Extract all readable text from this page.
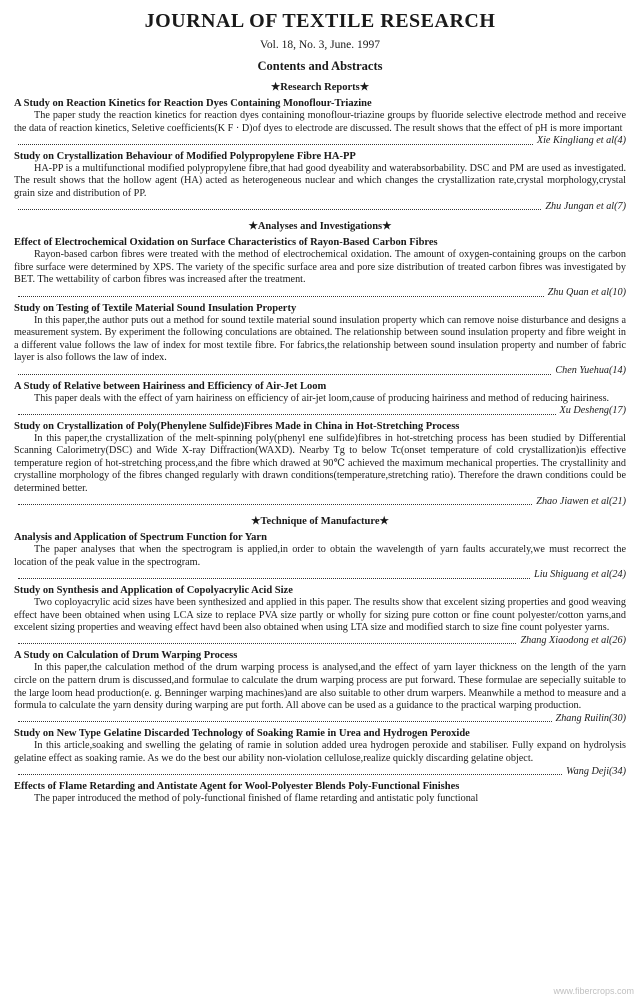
JOURNAL OF TEXTILE RESEARCH
Vol. 18, No. 3, June. 1997
Contents and Abstracts
★Research Reports★
A Study on Reaction Kinetics for Reaction Dyes Containing Monoflour-Triazine
The paper study the reaction kinetics for reaction dyes containing monoflour-triazine groups by fluoride selective electrode method and receive the data of reaction kinetics, Seletive coefficients(K F · D)of dyes to electrode are discussed. The result shows that the effect of pH is more important
Xie Kingliang et al(4)
Study on Crystallization Behaviour of Modified Polypropylene Fibre HA-PP
HA-PP is a multifunctional modified polypropylene fibre,that had good dyeability and waterabsorbability. DSC and PM are used as investigated. The result shows that the hollow agent (HA) acted as heterogeneous nuclear and which changes the crystallization rate,crystal morphology,crystal grain size and distribution of PP.
Zhu Jungan et al(7)
★Analyses and Investigations★
Effect of Electrochemical Oxidation on Surface Characteristics of Rayon-Based Carbon Fibres
Rayon-based carbon fibres were treated with the method of electrochemical oxidation. The amount of oxygen-containing groups on the carbon fibre surface were determined by XPS. The variety of the specific surface area and pore size distribution of treated carbon fibres was investigated by BET. The wettability of carbon fibres was increased after the treatment.
Zhu Quan et al(10)
Study on Testing of Textile Material Sound Insulation Property
In this paper,the author puts out a method for sound textile material sound insulation property which can remove noise disturbance and designs a measurement system. By experiment the following conculations are obtained. The relationship between sound insulation property and fibre weight in a different value follows the law of index for most textile fibre. For fabrics,the relationship between sound insulation property and number of fabric layer is also follows the law of index.
Chen Yuehua(14)
A Study of Relative between Hairiness and Efficiency of Air-Jet Loom
This paper deals with the effect of yarn hairiness on efficiency of air-jet loom,cause of producing hairiness and method of reducing hairiness.
Xu Desheng(17)
Study on Crystallization of Poly(Phenylene Sulfide)Fibres Made in China in Hot-Stretching Process
In this paper,the crystallization of the melt-spinning poly(phenyl ene sulfide)fibres in hot-stretching process has been studied by Differential Scanning Calorimetry(DSC) and Wide X-ray Diffraction(WAXD). Nearby Tg to below Tc(onset temperature of cold crystallization)is effective temperature region of hot-stretching process,and the fibre which drawed at 90℃ achieved the maximum mechanical properties. The crystallinity and crystalline morphology of the fibres changed regularly with drawn conditions(temperature,stretching ratio). Therefore the drawn conditions could be determined better.
Zhao Jiawen et al(21)
★Technique of Manufacture★
Analysis and Application of Spectrum Function for Yarn
The paper analyses that when the spectrogram is applied,in order to obtain the wavelength of yarn faults accurately,we must recorrect the location of the peak value in the spectrogram.
Liu Shiguang et al(24)
Study on Synthesis and Application of Copolyacrylic Acid Size
Two coployacrylic acid sizes have been synthesized and applied in this paper. The results show that excelent sizing properties and good weaving effect have been obtained when using LCA size to replace PVA size partly or wholly for sizing pure cotton or fine count polyester/cotton yarns,and excelent sizing properties and weaving effect havd been also obtained when using LTA size and modified starch to size fine count polyester yarns.
Zhang Xiaodong et al(26)
A Study on Calculation of Drum Warping Process
In this paper,the calculation method of the drum warping process is analysed,and the effect of yarn layer thickness on the length of the yarn circle on the pattern drum is discussed,and formulae to calculate the drum warping process are put forward. These formulae are sepecially suitable to the large loom head production(e. g. Benninger warping machines)and are also suitable to other drum warpers. Meanwhile a method to measure and a formula to calculate the yarn density during warping are put forth. All above can be used as a guidance to the practical warping production.
Zhang Ruilin(30)
Study on New Type Gelatine Discarded Technology of Soaking Ramie in Urea and Hydrogen Peroxide
In this article,soaking and swelling the gelating of ramie in solution added urea hydrogen peroxide and stabiliser. Fully expand on hydrolysis gelatine effect as soaking ramie. As we do the best our ability non-violation cellulose,realize quickly discarding gelatine object.
Wang Deji(34)
Effects of Flame Retarding and Antistate Agent for Wool-Polyester Blends Poly-Functional Finishes
The paper introduced the method of poly-functional finished of flame retarding and antistatic poly functional
www.fibercrops.com
